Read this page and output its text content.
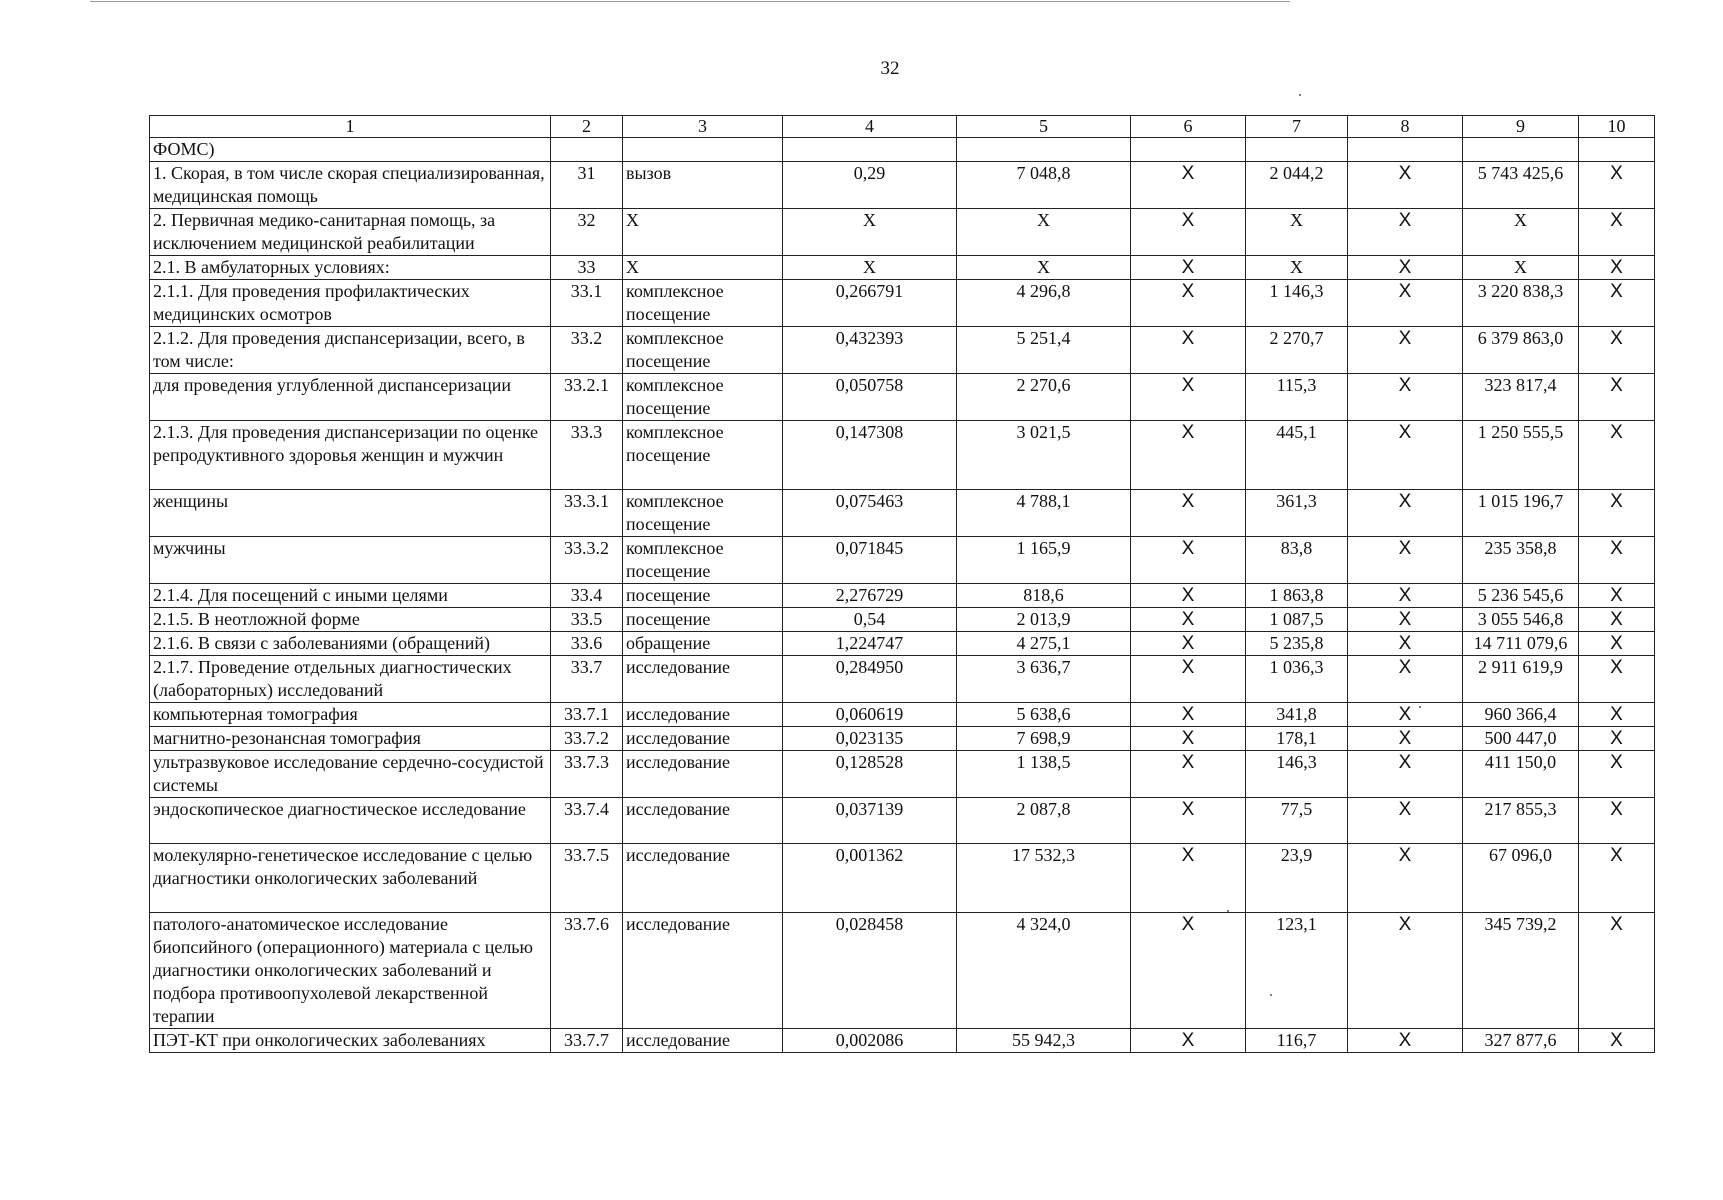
32
1	2	3	4	5	6	7	8	9	10
ФОМС)									
1. Скорая, в том числе скорая специализированная, медицинская помощь	31	вызов	0,29	7 048,8	X	2 044,2	X	5 743 425,6	X
2. Первичная медико-санитарная помощь, за исключением медицинской реабилитации	32	X	X	X	X	X	X	X	X
2.1. В амбулаторных условиях:	33	X	X	X	X	X	X	X	X
2.1.1. Для проведения профилактических медицинских осмотров	33.1	комплексное посещение	0,266791	4 296,8	X	1 146,3	X	3 220 838,3	X
2.1.2. Для проведения диспансеризации, всего, в том числе:	33.2	комплексное посещение	0,432393	5 251,4	X	2 270,7	X	6 379 863,0	X
для проведения углубленной диспансеризации	33.2.1	комплексное посещение	0,050758	2 270,6	X	115,3	X	323 817,4	X
2.1.3. Для проведения диспансеризации по оценке репродуктивного здоровья женщин и мужчин	33.3	комплексное посещение	0,147308	3 021,5	X	445,1	X	1 250 555,5	X
женщины	33.3.1	комплексное посещение	0,075463	4 788,1	X	361,3	X	1 015 196,7	X
мужчины	33.3.2	комплексное посещение	0,071845	1 165,9	X	83,8	X	235 358,8	X
2.1.4. Для посещений с иными целями	33.4	посещение	2,276729	818,6	X	1 863,8	X	5 236 545,6	X
2.1.5. В неотложной форме	33.5	посещение	0,54	2 013,9	X	1 087,5	X	3 055 546,8	X
2.1.6. В связи с заболеваниями (обращений)	33.6	обращение	1,224747	4 275,1	X	5 235,8	X	14 711 079,6	X
2.1.7. Проведение отдельных диагностических (лабораторных) исследований	33.7	исследование	0,284950	3 636,7	X	1 036,3	X	2 911 619,9	X
компьютерная томография	33.7.1	исследование	0,060619	5 638,6	X	341,8	X	960 366,4	X
магнитно-резонансная томография	33.7.2	исследование	0,023135	7 698,9	X	178,1	X	500 447,0	X
ультразвуковое исследование сердечно-сосудистой системы	33.7.3	исследование	0,128528	1 138,5	X	146,3	X	411 150,0	X
эндоскопическое диагностическое исследование	33.7.4	исследование	0,037139	2 087,8	X	77,5	X	217 855,3	X
молекулярно-генетическое исследование с целью диагностики онкологических заболеваний	33.7.5	исследование	0,001362	17 532,3	X	23,9	X	67 096,0	X
патолого-анатомическое исследование биопсийного (операционного) материала с целью диагностики онкологических заболеваний и подбора противоопухолевой лекарственной терапии	33.7.6	исследование	0,028458	4 324,0	X	123,1	X	345 739,2	X
ПЭТ-КТ при онкологических заболеваниях	33.7.7	исследование	0,002086	55 942,3	X	116,7	X	327 877,6	X
